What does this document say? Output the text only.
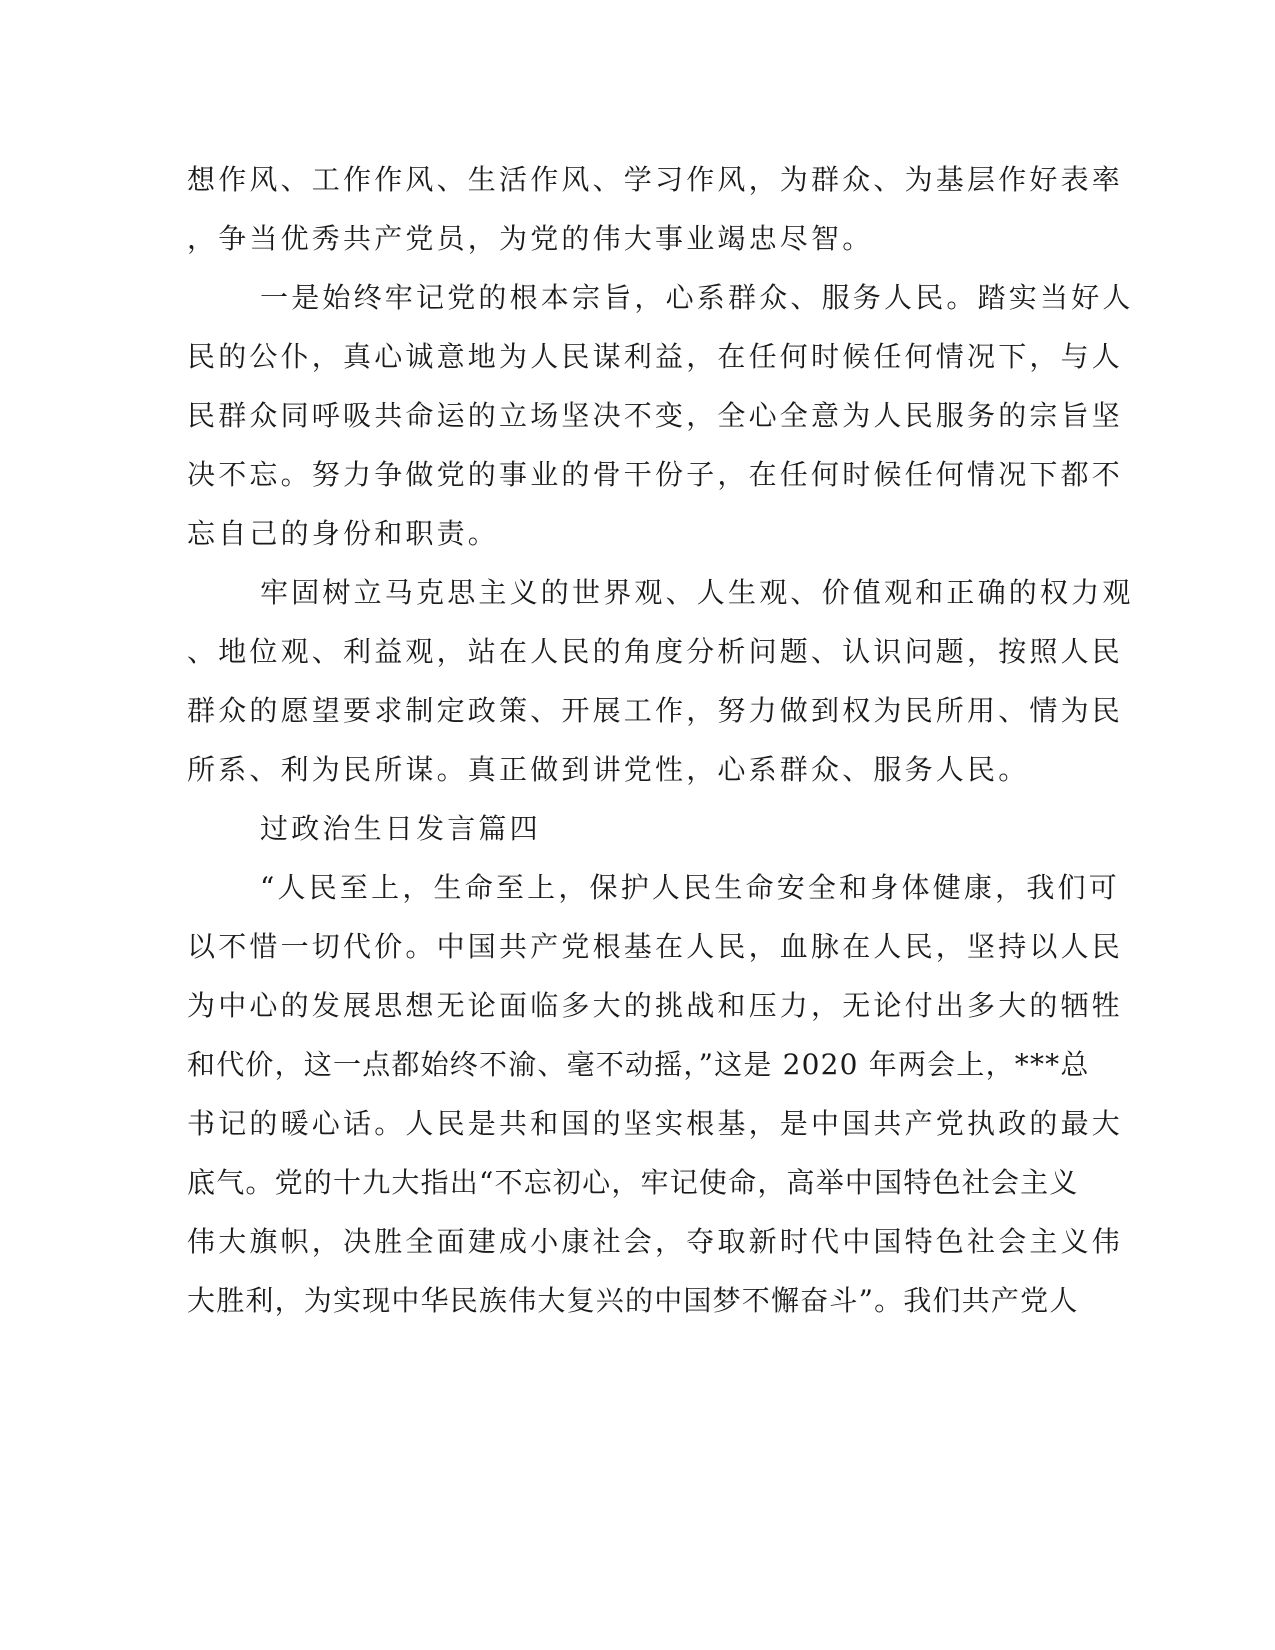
想作风、工作作风、生活作风、学习作风，为群众、为基层作好表率
，争当优秀共产党员，为党的伟大事业竭忠尽智。
一是始终牢记党的根本宗旨，心系群众、服务人民。踏实当好人
民的公仆，真心诚意地为人民谋利益，在任何时候任何情况下，与人
民群众同呼吸共命运的立场坚决不变，全心全意为人民服务的宗旨坚
决不忘。努力争做党的事业的骨干份子，在任何时候任何情况下都不
忘自己的身份和职责。
牢固树立马克思主义的世界观、人生观、价值观和正确的权力观
、地位观、利益观，站在人民的角度分析问题、认识问题，按照人民
群众的愿望要求制定政策、开展工作，努力做到权为民所用、情为民
所系、利为民所谋。真正做到讲党性，心系群众、服务人民。
过政治生日发言篇四
“人民至上，生命至上，保护人民生命安全和身体健康，我们可
以不惜一切代价。中国共产党根基在人民，血脉在人民，坚持以人民
为中心的发展思想无论面临多大的挑战和压力，无论付出多大的牺牲
和代价，这一点都始终不渝、毫不动摇，”这是 2020 年两会上，***总
书记的暖心话。人民是共和国的坚实根基，是中国共产党执政的最大
底气。党的十九大指出“不忘初心，牢记使命，高举中国特色社会主义
伟大旗帜，决胜全面建成小康社会，夺取新时代中国特色社会主义伟
大胜利，为实现中华民族伟大复兴的中国梦不懈奋斗”。我们共产党人
